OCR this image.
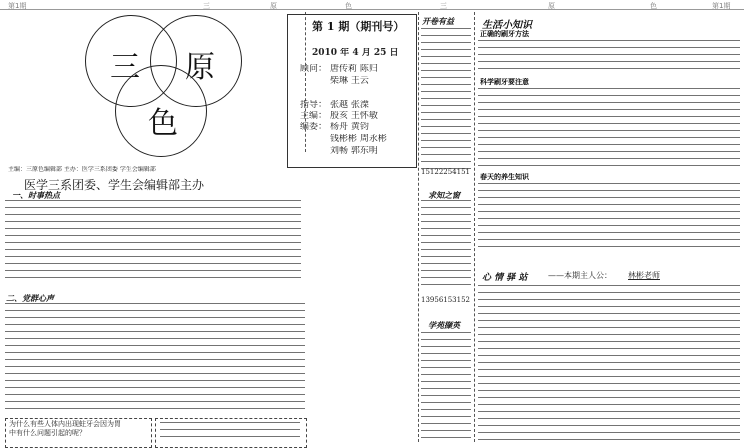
第1期	三	原	色	三	原	色	第1期
三 原
色
主编：三原色编辑部 主办：医学三系团委 学生会编辑部
医学三系团委、学生会编辑部主办
第 1 期（期刊号）
2010 年 4 月 25 日
顾问： 唐传莉 陈归
柴琳 王云
指导： 张越 张溧
主编： 殷亥 王怀敏
编委： 杨舟 黄钧
钱彬彬 周永彬
刘畅 郭东明
一、时事热点
二、党群心声
为什么有些人体内出现蛀牙会因为胃
中有什么问题引起的呢？
开卷有益
15122254151
求知之窗
13956153152
学苑撷英
生活小知识
正确的刷牙方法
科学刷牙要注意
春天的养生知识
心 情 驿 站	——本期主人公： 林彬老师
